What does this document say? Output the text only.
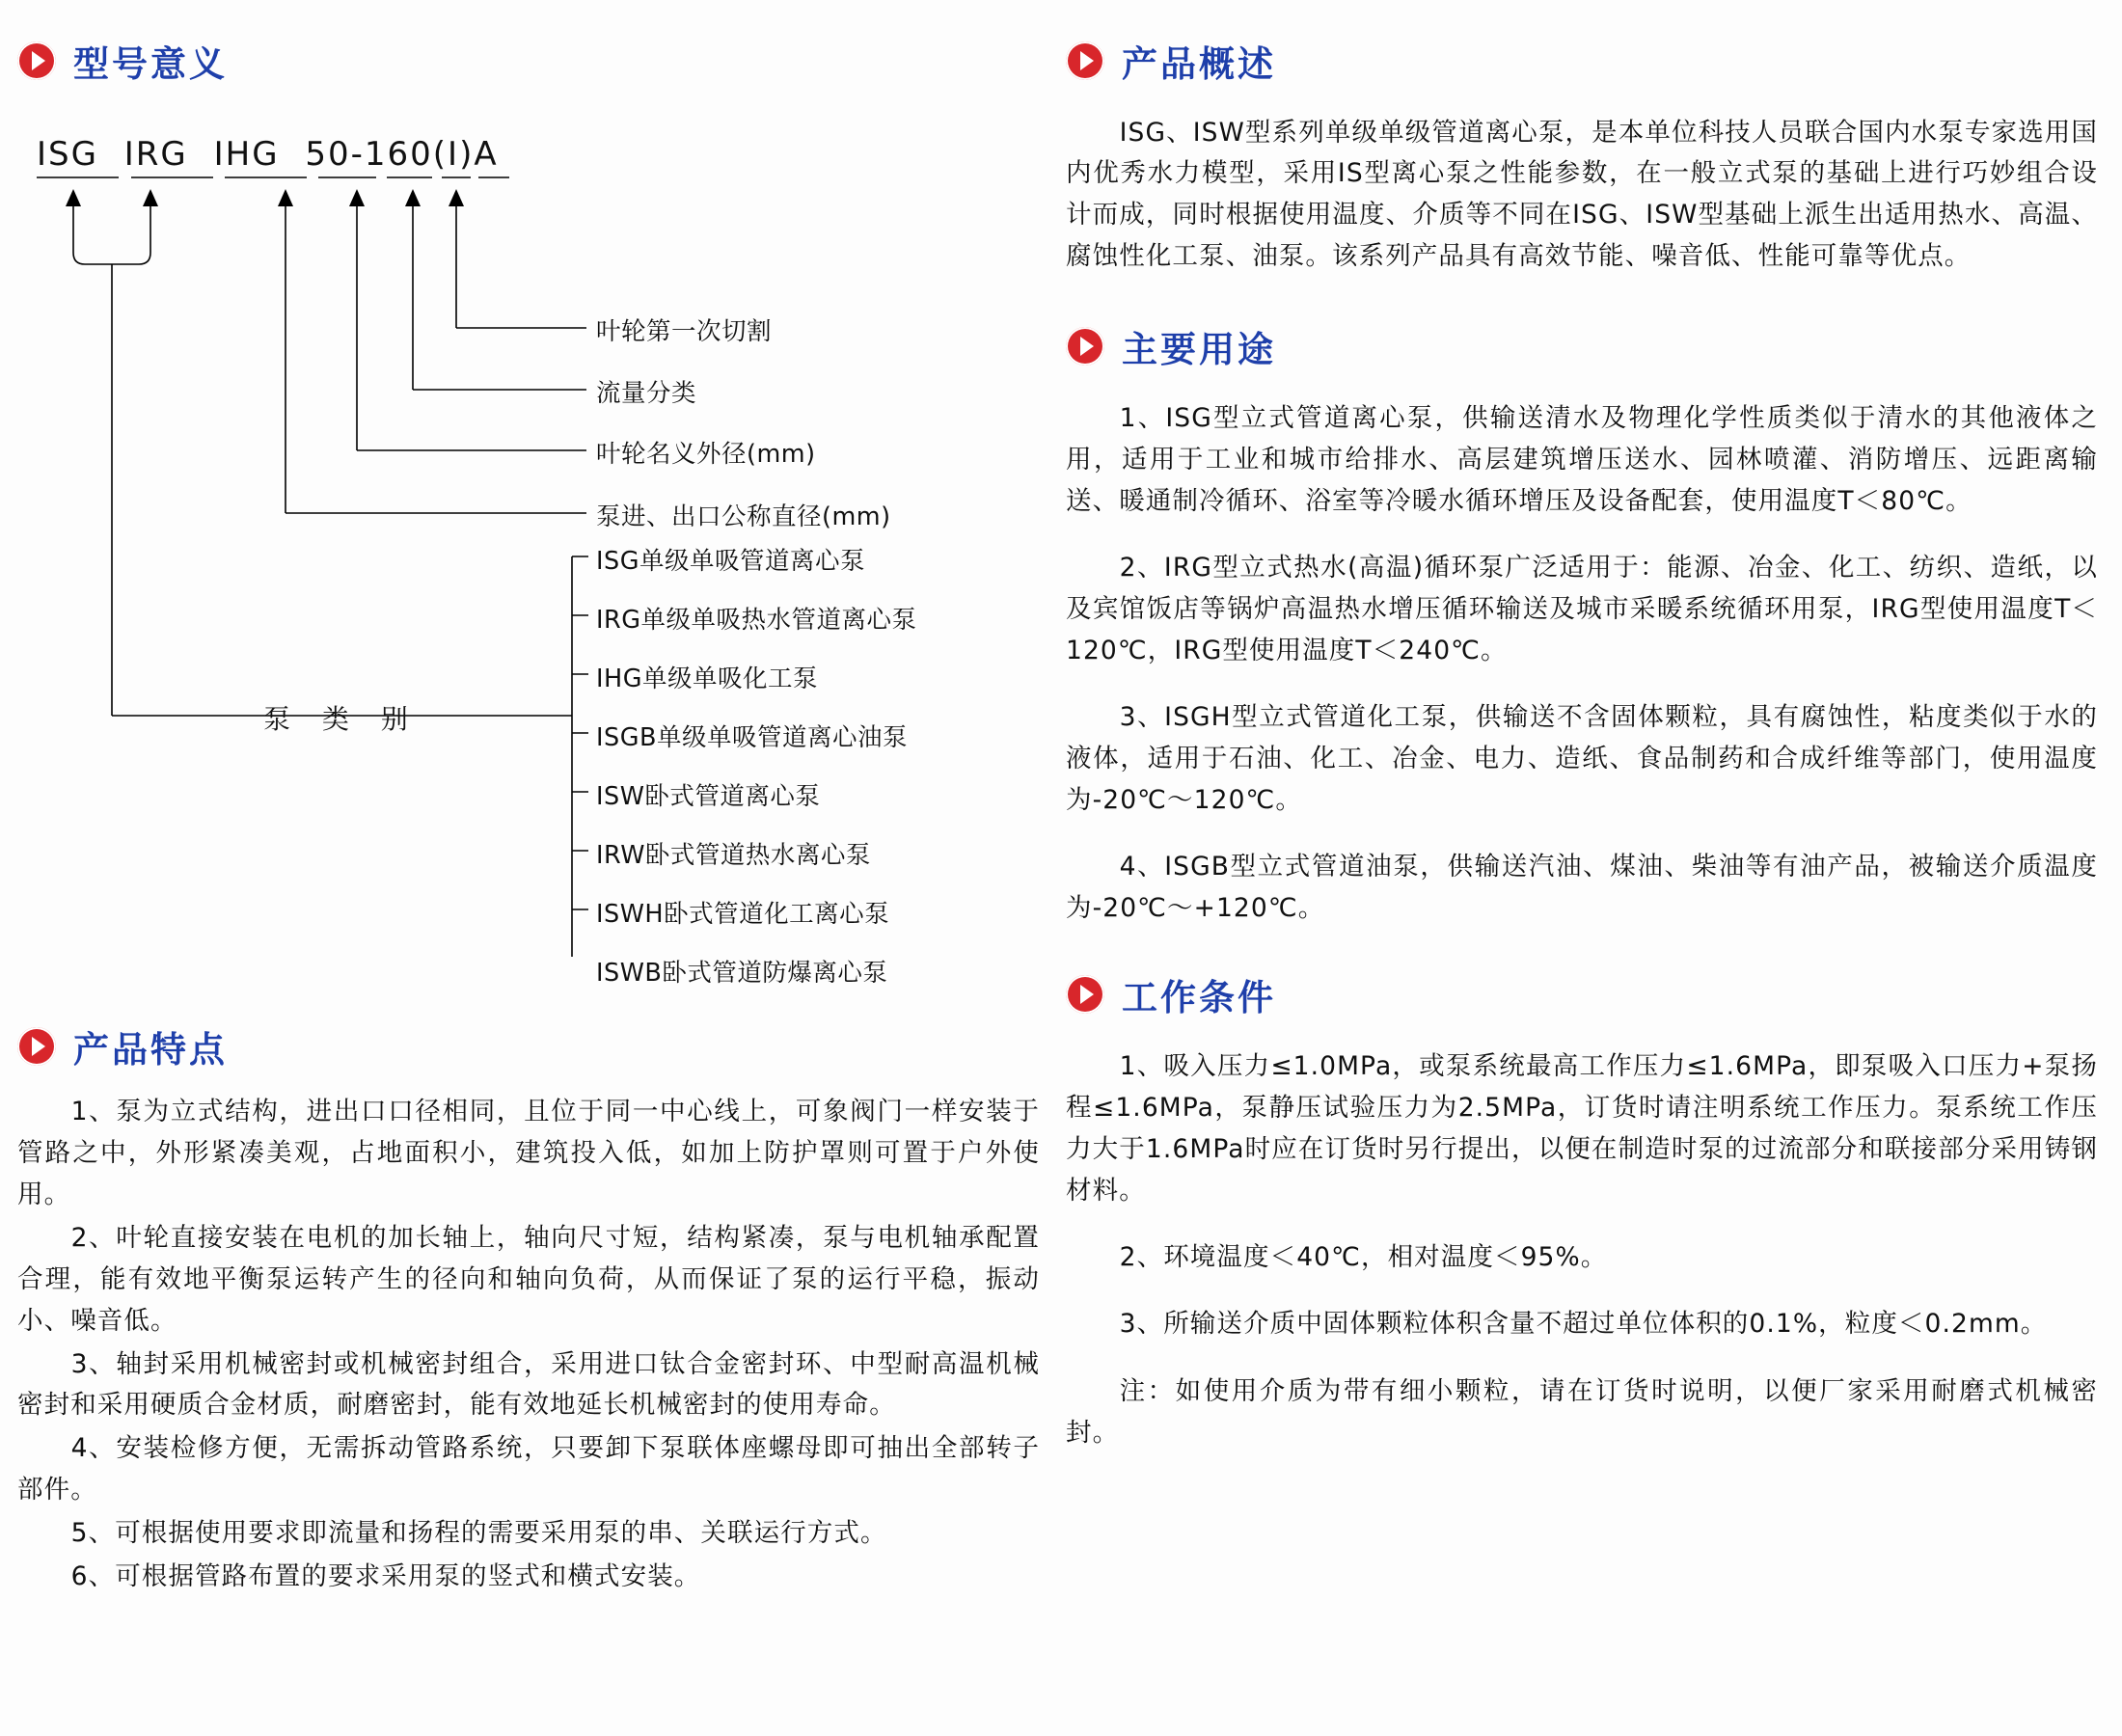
型号意义
ISG IRG IHG 50-160(Ⅰ)A
叶轮第一次切割
流量分类
叶轮名义外径(mm)
泵进、出口公称直径(mm)
泵 类 别
ISG单级单吸管道离心泵
IRG单级单吸热水管道离心泵
IHG单级单吸化工泵
ISGB单级单吸管道离心油泵
ISW卧式管道离心泵
IRW卧式管道热水离心泵
ISWH卧式管道化工离心泵
ISWB卧式管道防爆离心泵
产品特点

1、泵为立式结构，进出口口径相同，且位于同一中心线上，可象阀门一样安装于管路之中，外形紧凑美观，占地面积小，建筑投入低，如加上防护罩则可置于户外使用。

2、叶轮直接安装在电机的加长轴上，轴向尺寸短，结构紧凑，泵与电机轴承配置合理，能有效地平衡泵运转产生的径向和轴向负荷，从而保证了泵的运行平稳，振动小、噪音低。

3、轴封采用机械密封或机械密封组合，采用进口钛合金密封环、中型耐高温机械密封和采用硬质合金材质，耐磨密封，能有效地延长机械密封的使用寿命。

4、安装检修方便，无需拆动管路系统，只要卸下泵联体座螺母即可抽出全部转子部件。

5、可根据使用要求即流量和扬程的需要采用泵的串、关联运行方式。

6、可根据管路布置的要求采用泵的竖式和横式安装。

产品概述

ISG、ISW型系列单级单级管道离心泵，是本单位科技人员联合国内水泵专家选用国内优秀水力模型，采用IS型离心泵之性能参数，在一般立式泵的基础上进行巧妙组合设计而成，同时根据使用温度、介质等不同在ISG、ISW型基础上派生出适用热水、高温、腐蚀性化工泵、油泵。该系列产品具有高效节能、噪音低、性能可靠等优点。

主要用途

1、ISG型立式管道离心泵，供输送清水及物理化学性质类似于清水的其他液体之用，适用于工业和城市给排水、高层建筑增压送水、园林喷灌、消防增压、远距离输送、暖通制冷循环、浴室等冷暖水循环增压及设备配套，使用温度T＜80℃。

2、IRG型立式热水(高温)循环泵广泛适用于：能源、冶金、化工、纺织、造纸，以及宾馆饭店等锅炉高温热水增压循环输送及城市采暖系统循环用泵，IRG型使用温度T＜120℃，IRG型使用温度T＜240℃。

3、ISGH型立式管道化工泵，供输送不含固体颗粒，具有腐蚀性，粘度类似于水的液体，适用于石油、化工、冶金、电力、造纸、食品制药和合成纤维等部门，使用温度为-20℃～120℃。

4、ISGB型立式管道油泵，供输送汽油、煤油、柴油等有油产品，被输送介质温度为-20℃～+120℃。

工作条件

1、吸入压力≤1.0MPa，或泵系统最高工作压力≤1.6MPa，即泵吸入口压力+泵扬程≤1.6MPa，泵静压试验压力为2.5MPa，订货时请注明系统工作压力。泵系统工作压力大于1.6MPa时应在订货时另行提出，以便在制造时泵的过流部分和联接部分采用铸钢材料。

2、环境温度＜40℃，相对温度＜95%。

3、所输送介质中固体颗粒体积含量不超过单位体积的0.1%，粒度＜0.2mm。

注：如使用介质为带有细小颗粒，请在订货时说明，以便厂家采用耐磨式机械密封。
